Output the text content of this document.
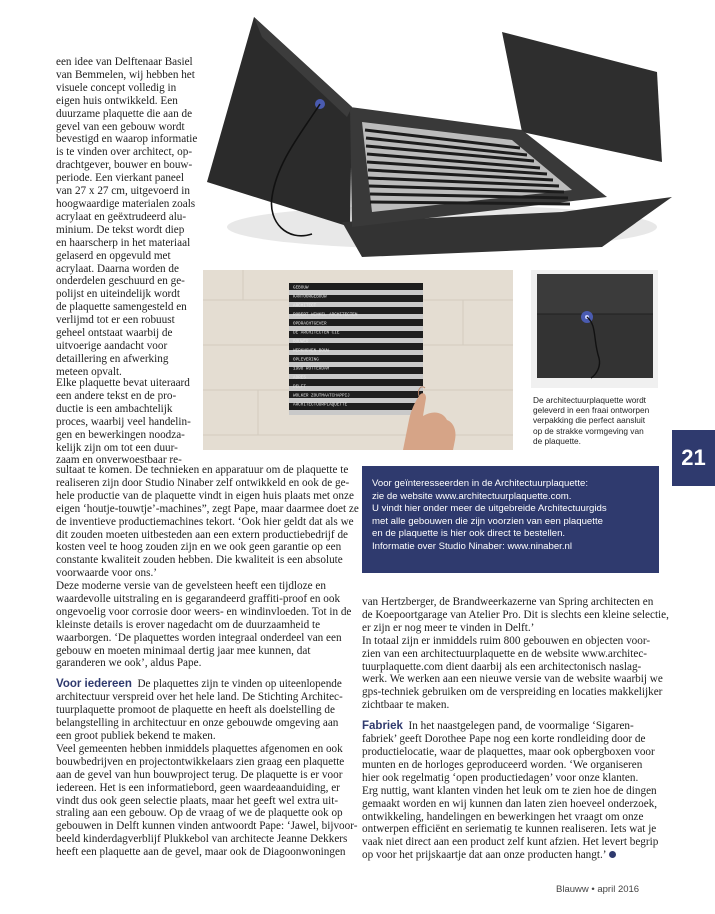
een idee van Delftenaar Basiel

van Bemmelen, wij hebben het

visuele concept volledig in

eigen huis ontwikkeld. Een

duurzame plaquette die aan de

gevel van een gebouw wordt

bevestigd en waarop informatie

is te vinden over architect, op-

drachtgever, bouwer en bouw-

periode. Een vierkant paneel

van 27 x 27 cm, uitgevoerd in

hoogwaardige materialen zoals

acrylaat en geëxtrudeerd alu-

minium. De tekst wordt diep

en haarscherp in het materiaal

gelaserd en opgevuld met

acrylaat. Daarna worden de

onderdelen geschuurd en ge-

polijst en uiteindelijk wordt

de plaquette samengesteld en

verlijmd tot er een robuust

geheel ontstaat waarbij de

uitvoerige aandacht voor

detaillering en afwerking

meteen opvalt.

Elke plaquette bevat uiteraard

een andere tekst en de pro-

ductie is een ambachtelijk

proces, waarbij veel handelin-

gen en bewerkingen noodza-

kelijk zijn om tot een duur-

zaam en onverwoestbaar re-

GEBOUW
KANTOORGEBOUW
ARCHITECT
ROBERT WINKEL ARCHITECTEN
OPDRACHTGEVER
DE ARCHITECTEN CIE
BOUWER
WERKHOVEN BOUW
OPLEVERING
1998 ROTTERDAM
ADRES
DELFT
WOLKER ZOUTMAATCHAPPIJ
ARCHITECTUURPLAQUETTE

De architectuurplaquette wordt

geleverd in een fraai ontworpen

verpakking die perfect aansluit

op de strakke vormgeving van

de plaquette.

21

sultaat te komen. De technieken en apparatuur om de plaquette te

realiseren zijn door Studio Ninaber zelf ontwikkeld en ook de ge-

hele productie van de plaquette vindt in eigen huis plaats met onze

eigen ‘houtje-touwtje’-machines”, zegt Pape, maar daarmee doet ze

de inventieve productiemachines tekort. ‘Ook hier geldt dat als we

dit zouden moeten uitbesteden aan een extern productiebedrijf de

kosten veel te hoog zouden zijn en we ook geen garantie op een

constante kwaliteit zouden hebben. Die kwaliteit is een absolute

voorwaarde voor ons.’

Voor geïnteresseerden in de Architectuurplaquette:

zie de website www.architectuurplaquette.com.

U vindt hier onder meer de uitgebreide Architectuurgids

met alle gebouwen die zijn voorzien van een plaquette

en de plaquette is hier ook direct te bestellen.

Informatie over Studio Ninaber: www.ninaber.nl

Deze moderne versie van de gevelsteen heeft een tijdloze en

waardevolle uitstraling en is gegarandeerd graffiti-proof en ook

ongevoelig voor corrosie door weers- en windinvloeden. Tot in de

kleinste details is erover nagedacht om de duurzaamheid te

waarborgen. ‘De plaquettes worden integraal onderdeel van een

gebouw en moeten minimaal dertig jaar mee kunnen, dat

garanderen we ook’, aldus Pape.

Voor iedereen De plaquettes zijn te vinden op uiteenlopende

architectuur verspreid over het hele land. De Stichting Architec-

tuurplaquette promoot de plaquette en heeft als doelstelling de

belangstelling in architectuur en onze gebouwde omgeving aan

een groot publiek bekend te maken.

Veel gemeenten hebben inmiddels plaquettes afgenomen en ook

bouwbedrijven en projectontwikkelaars zien graag een plaquette

aan de gevel van hun bouwproject terug. De plaquette is er voor

iedereen. Het is een informatiebord, geen waardeaanduiding, er

vindt dus ook geen selectie plaats, maar het geeft wel extra uit-

straling aan een gebouw. Op de vraag of we de plaquette ook op

gebouwen in Delft kunnen vinden antwoordt Pape: ‘Jawel, bijvoor-

beeld kinderdagverblijf Plukkebol van architecte Jeanne Dekkers

heeft een plaquette aan de gevel, maar ook de Diagoonwoningen

van Hertzberger, de Brandweerkazerne van Spring architecten en

de Koepoortgarage van Atelier Pro. Dit is slechts een kleine selectie,

er zijn er nog meer te vinden in Delft.’

In totaal zijn er inmiddels ruim 800 gebouwen en objecten voor-

zien van een architectuurplaquette en de website www.architec-

tuurplaquette.com dient daarbij als een architectonisch naslag-

werk. We werken aan een nieuwe versie van de website waarbij we

gps-techniek gebruiken om de verspreiding en locaties makkelijker

zichtbaar te maken.

Fabriek In het naastgelegen pand, de voormalige ‘Sigaren-

fabriek’ geeft Dorothee Pape nog een korte rondleiding door de

productielocatie, waar de plaquettes, maar ook opbergboxen voor

munten en de horloges geproduceerd worden. ‘We organiseren

hier ook regelmatig ‘open productiedagen’ voor onze klanten.

Erg nuttig, want klanten vinden het leuk om te zien hoe de dingen

gemaakt worden en wij kunnen dan laten zien hoeveel onderzoek,

ontwikkeling, handelingen en bewerkingen het vraagt om onze

ontwerpen efficiënt en seriematig te kunnen realiseren. Iets wat je

vaak niet direct aan een product zelf kunt afzien. Het levert begrip

op voor het prijskaartje dat aan onze producten hangt.’

Blauww • april 2016
